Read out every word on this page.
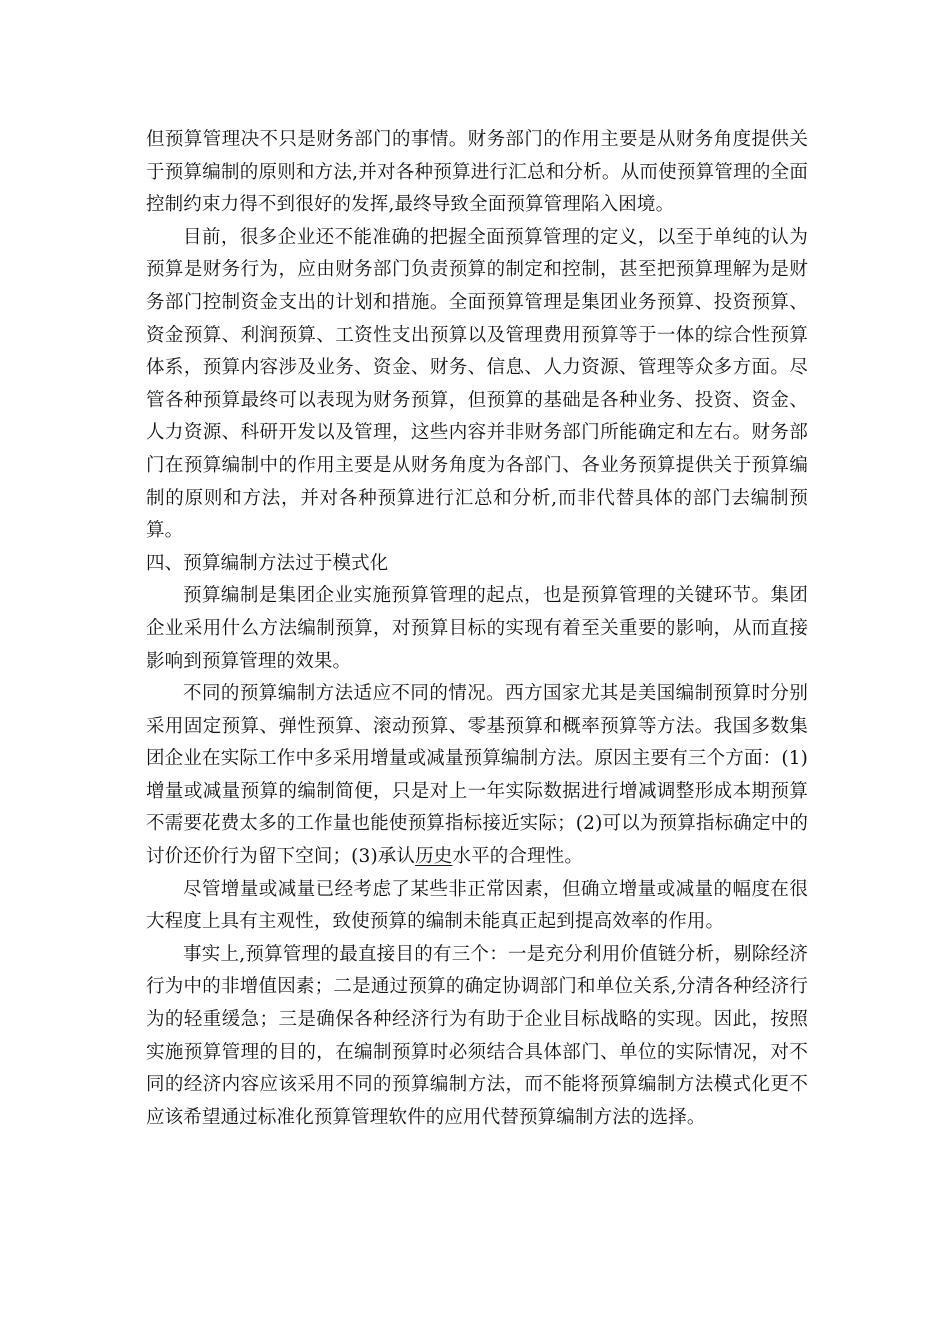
但预算管理决不只是财务部门的事情。财务部门的作用主要是从财务角度提供关于预算编制的原则和方法,并对各种预算进行汇总和分析。从而使预算管理的全面控制约束力得不到很好的发挥,最终导致全面预算管理陷入困境。

目前，很多企业还不能准确的把握全面预算管理的定义，以至于单纯的认为预算是财务行为，应由财务部门负责预算的制定和控制，甚至把预算理解为是财务部门控制资金支出的计划和措施。全面预算管理是集团业务预算、投资预算、资金预算、利润预算、工资性支出预算以及管理费用预算等于一体的综合性预算体系，预算内容涉及业务、资金、财务、信息、人力资源、管理等众多方面。尽管各种预算最终可以表现为财务预算，但预算的基础是各种业务、投资、资金、人力资源、科研开发以及管理，这些内容并非财务部门所能确定和左右。财务部门在预算编制中的作用主要是从财务角度为各部门、各业务预算提供关于预算编制的原则和方法，并对各种预算进行汇总和分析,而非代替具体的部门去编制预算。

四、预算编制方法过于模式化

预算编制是集团企业实施预算管理的起点，也是预算管理的关键环节。集团企业采用什么方法编制预算，对预算目标的实现有着至关重要的影响，从而直接影响到预算管理的效果。

不同的预算编制方法适应不同的情况。西方国家尤其是美国编制预算时分别采用固定预算、弹性预算、滚动预算、零基预算和概率预算等方法。我国多数集团企业在实际工作中多采用增量或减量预算编制方法。原因主要有三个方面：(1)增量或减量预算的编制简便，只是对上一年实际数据进行增减调整形成本期预算不需要花费太多的工作量也能使预算指标接近实际；(2)可以为预算指标确定中的讨价还价行为留下空间；(3)承认历史水平的合理性。

尽管增量或减量已经考虑了某些非正常因素，但确立增量或减量的幅度在很大程度上具有主观性，致使预算的编制未能真正起到提高效率的作用。

事实上,预算管理的最直接目的有三个：一是充分利用价值链分析，剔除经济行为中的非增值因素；二是通过预算的确定协调部门和单位关系,分清各种经济行为的轻重缓急；三是确保各种经济行为有助于企业目标战略的实现。因此，按照实施预算管理的目的，在编制预算时必须结合具体部门、单位的实际情况，对不同的经济内容应该采用不同的预算编制方法，而不能将预算编制方法模式化更不应该希望通过标准化预算管理软件的应用代替预算编制方法的选择。
